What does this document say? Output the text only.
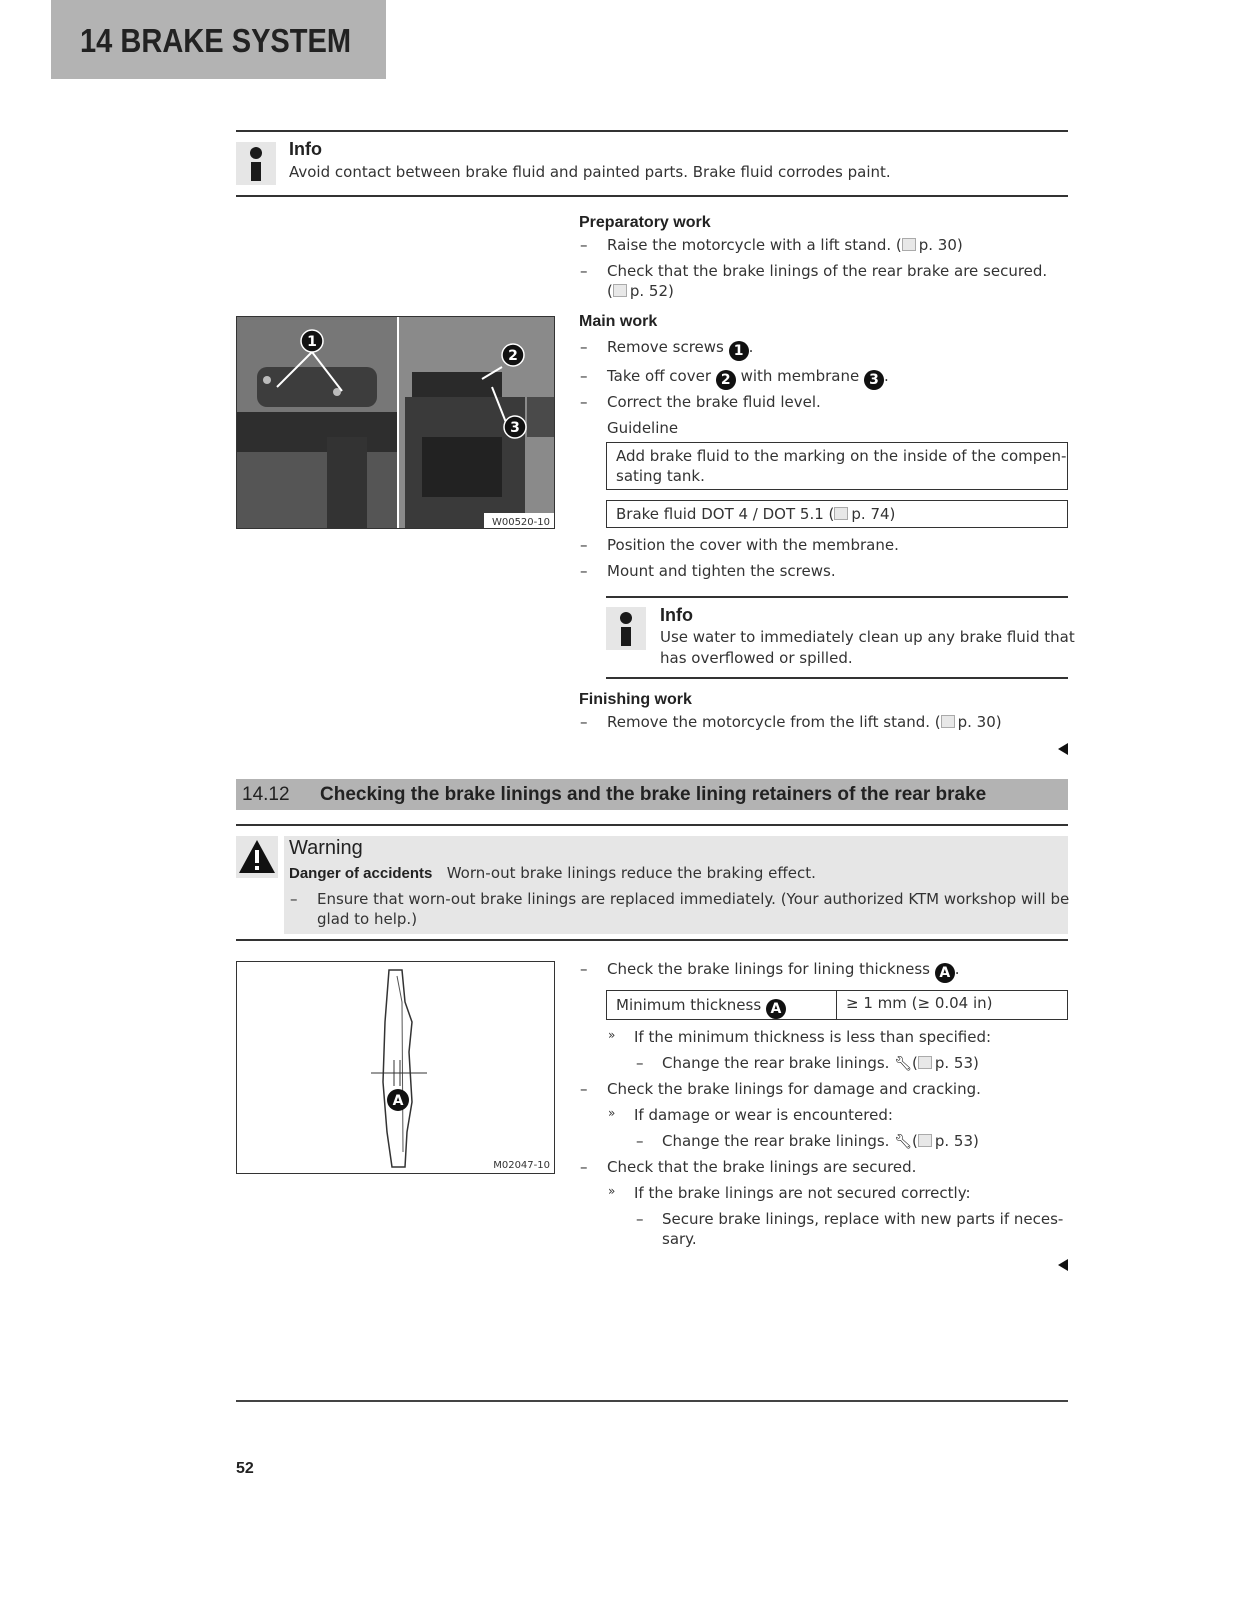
14 BRAKE SYSTEM
Info
Avoid contact between brake fluid and painted parts. Brake fluid corrodes paint.
Preparatory work
– Raise the motorcycle with a lift stand. ( p. 30)
– Check that the brake linings of the rear brake are secured.
( p. 52)
1
2
3
W00520-10
Main work
– Remove screws 1 .
– Take off cover 2 with membrane 3 .
– Correct the brake fluid level.
Guideline
Add brake fluid to the marking on the inside of the compen-
sating tank.
Brake fluid DOT 4 / DOT 5.1 ( p. 74)
– Position the cover with the membrane.
– Mount and tighten the screws.
Info
Use water to immediately clean up any brake fluid that
has overflowed or spilled.
Finishing work
– Remove the motorcycle from the lift stand. ( p. 30)
14.12 Checking the brake linings and the brake lining retainers of the rear brake
Warning
Danger of accidents Worn-out brake linings reduce the braking effect.
– Ensure that worn-out brake linings are replaced immediately. (Your authorized KTM workshop will be
glad to help.)
A
M02047-10
– Check the brake linings for lining thickness A .
Minimum thickness A	≥ 1 mm (≥ 0.04 in)
» If the minimum thickness is less than specified:
– Change the rear brake linings. 🔧︎( p. 53)
– Check the brake linings for damage and cracking.
» If damage or wear is encountered:
– Change the rear brake linings. 🔧︎( p. 53)
– Check that the brake linings are secured.
» If the brake linings are not secured correctly:
– Secure brake linings, replace with new parts if neces-
sary.
52
